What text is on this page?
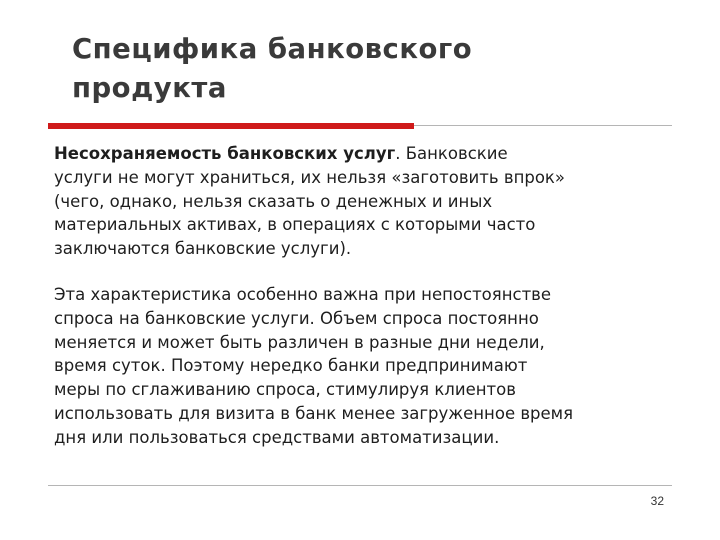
Специфика банковского
продукта

Несохраняемость банковских услуг. Банковские
услуги не могут храниться, их нельзя «заготовить впрок»
(чего, однако, нельзя сказать о денежных и иных
материальных активах, в операциях с которыми часто
заключаются банковские услуги).

Эта характеристика особенно важна при непостоянстве
спроса на банковские услуги. Объем спроса постоянно
меняется и может быть различен в разные дни недели,
время суток. Поэтому нередко банки предпринимают
меры по сглаживанию спроса, стимулируя клиентов
использовать для визита в банк менее загруженное время
дня или пользоваться средствами автоматизации.

32
